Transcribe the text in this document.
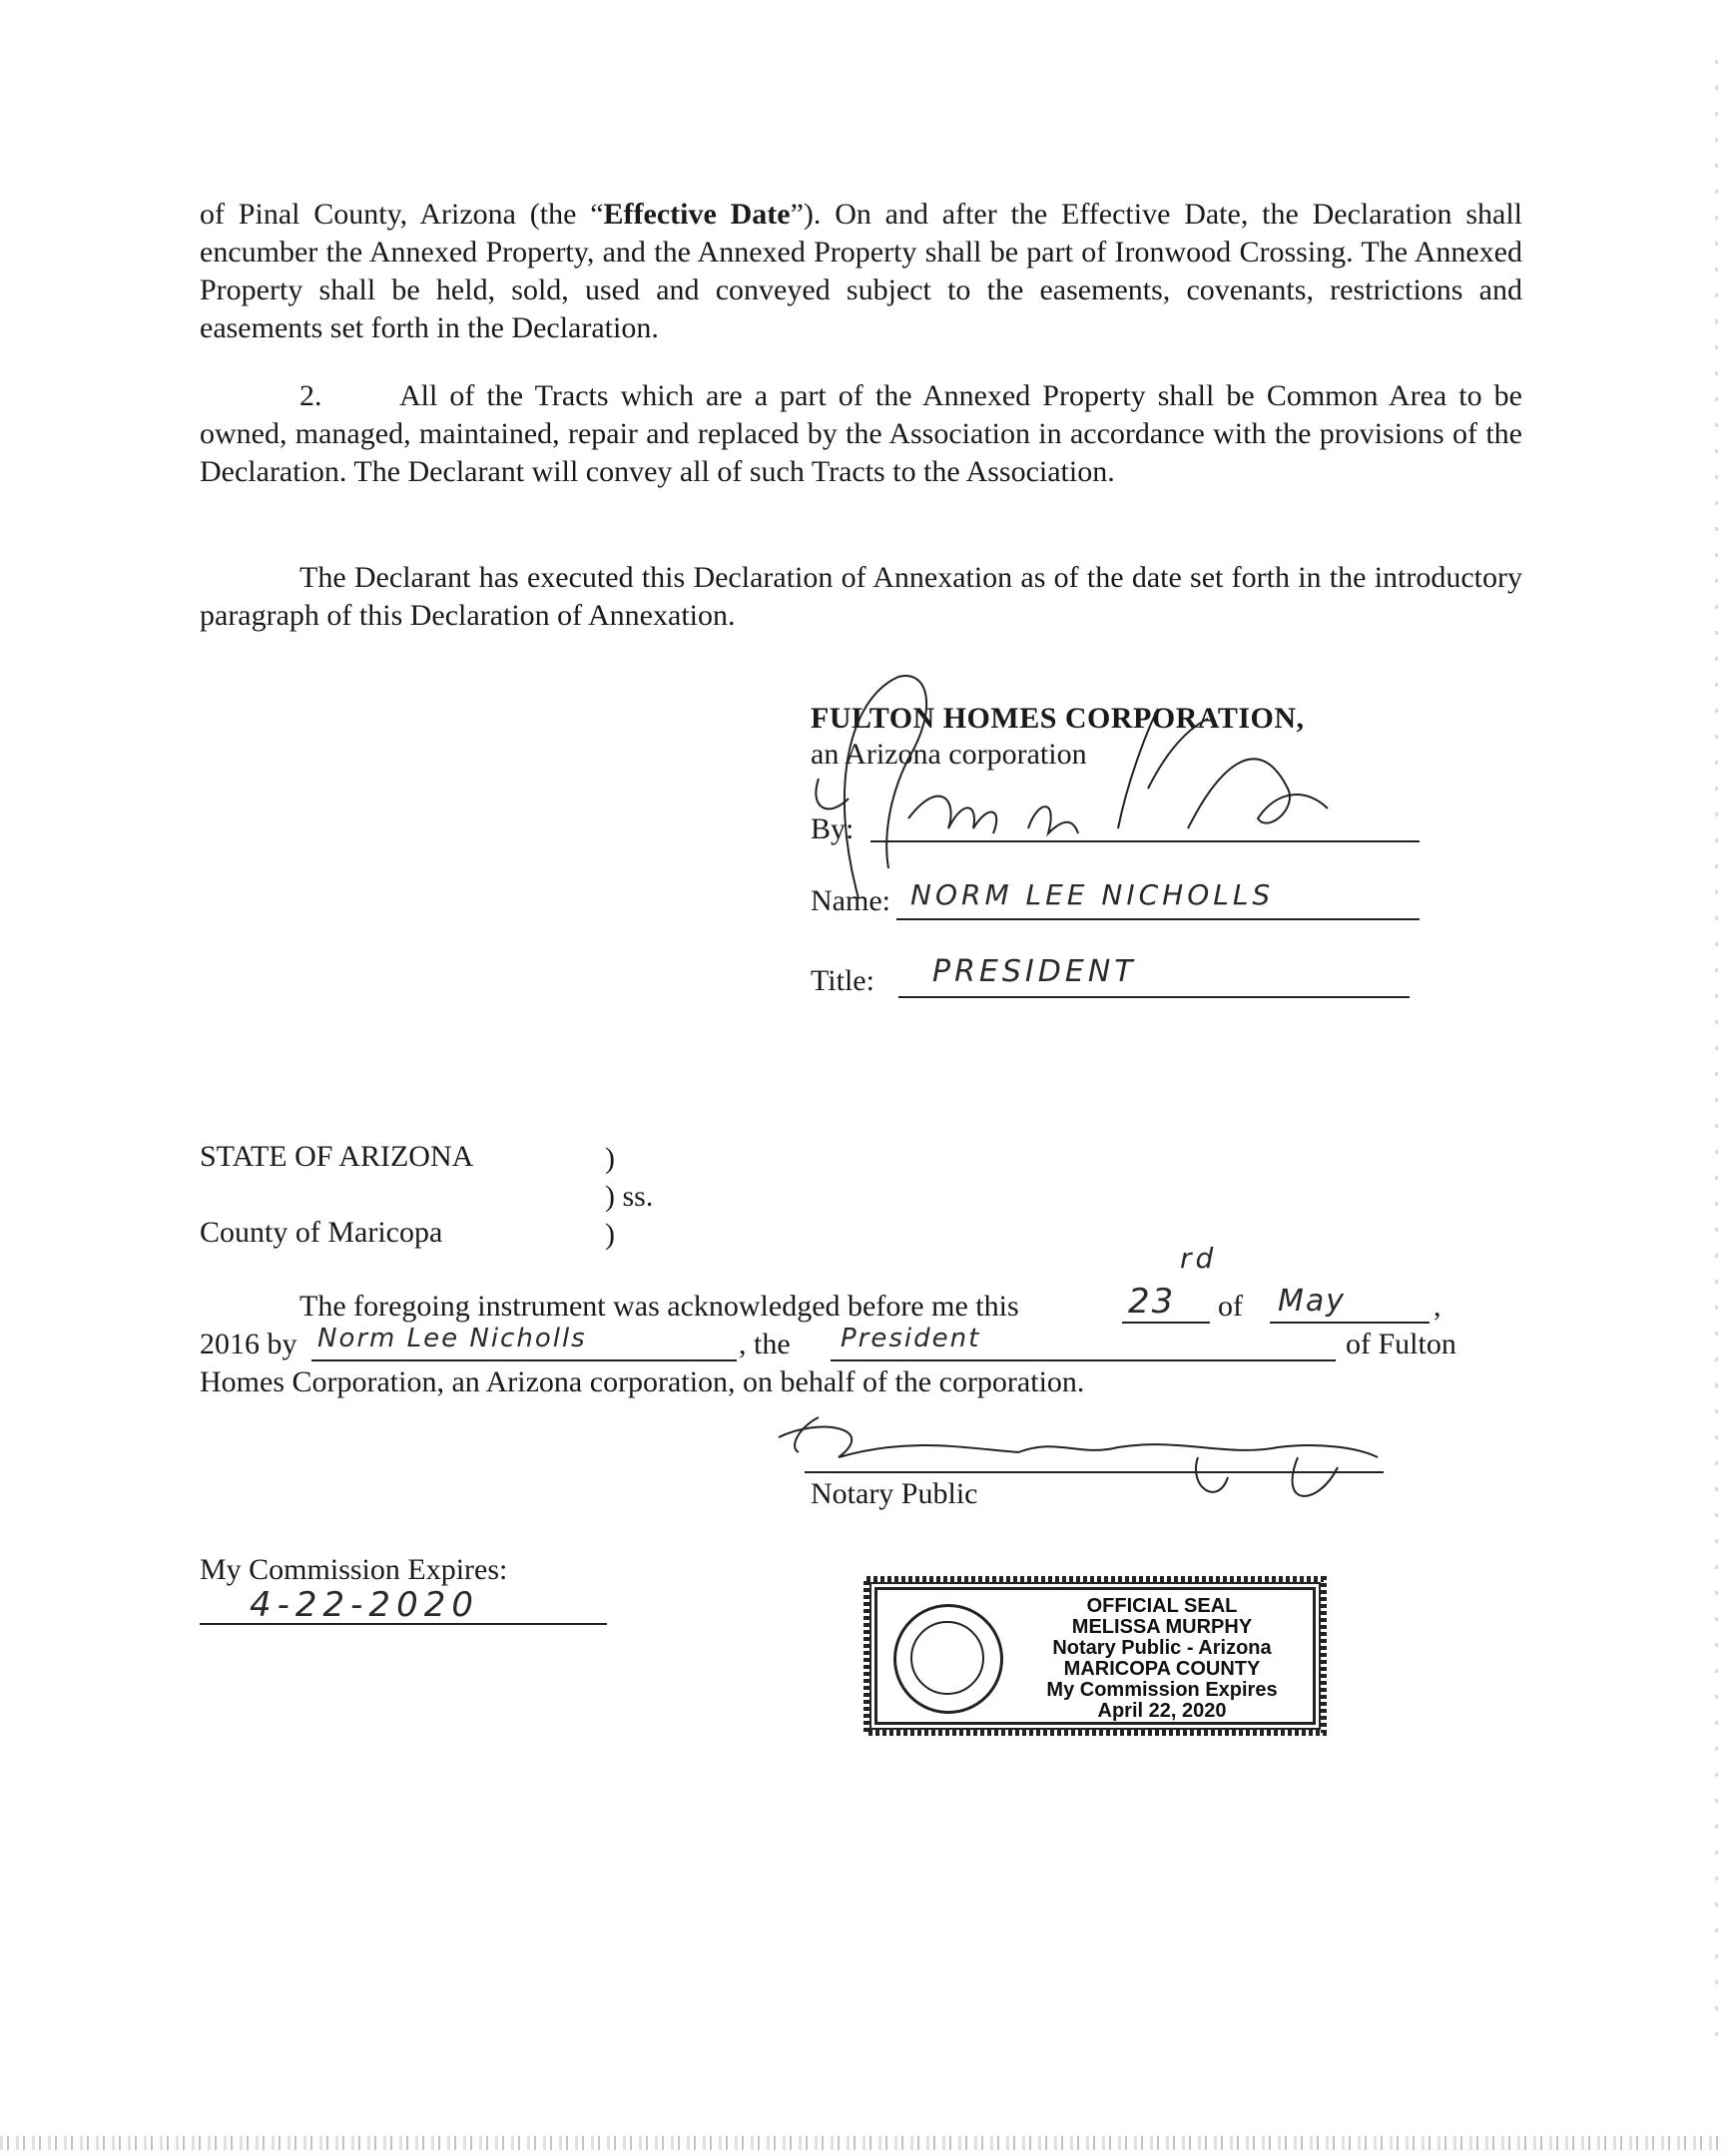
of Pinal County, Arizona (the “Effective Date”). On and after the Effective Date, the Declaration shall encumber the Annexed Property, and the Annexed Property shall be part of Ironwood Crossing. The Annexed Property shall be held, sold, used and conveyed subject to the easements, covenants, restrictions and easements set forth in the Declaration.
2.	All of the Tracts which are a part of the Annexed Property shall be Common Area to be owned, managed, maintained, repair and replaced by the Association in accordance with the provisions of the Declaration. The Declarant will convey all of such Tracts to the Association.
The Declarant has executed this Declaration of Annexation as of the date set forth in the introductory paragraph of this Declaration of Annexation.
FULTON HOMES CORPORATION,
an Arizona corporation
By:
Name: NORM LEE NICHOLLS
Title: PRESIDENT
STATE OF ARIZONA	)
) ss.
County of Maricopa	)
The foregoing instrument was acknowledged before me this	23
rd
of May	,
2016 by Norm Lee Nicholls	, the President	of Fulton
Homes Corporation, an Arizona corporation, on behalf of the corporation.
Notary Public
My Commission Expires:
4-22-2020	OFFICIAL SEAL
MELISSA MURPHY
Notary Public - Arizona
MARICOPA COUNTY
My Commission Expires
April 22, 2020
